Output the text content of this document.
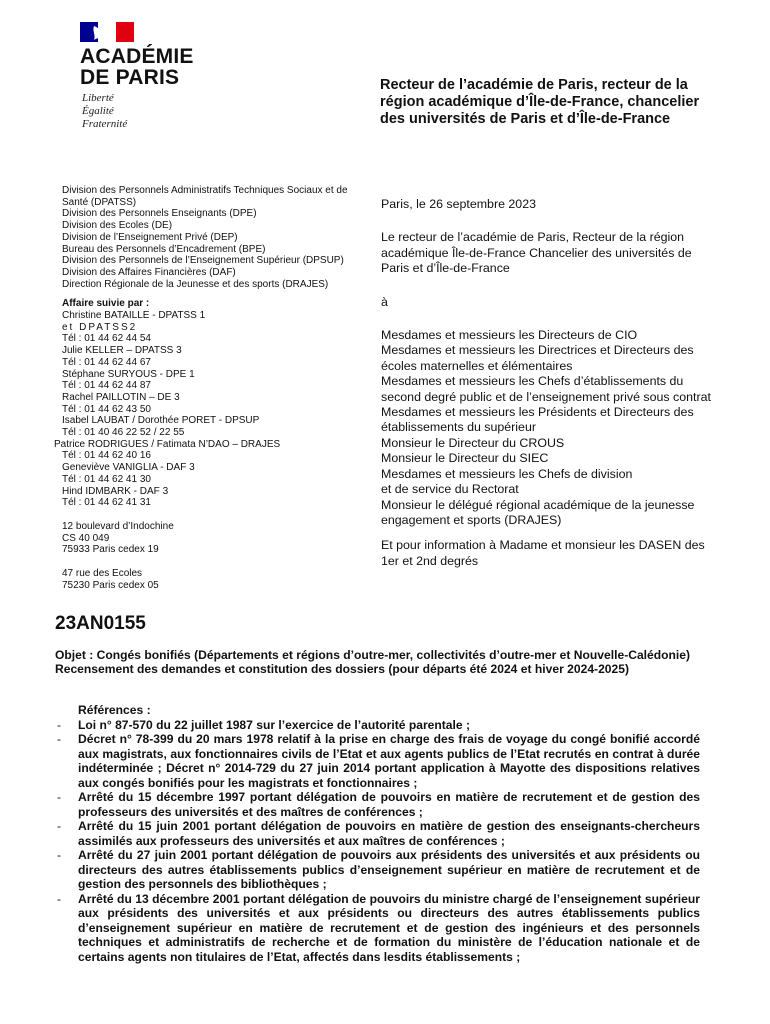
ACADÉMIE
DE PARIS
Liberté
Égalité
Fraternité
Recteur de l’académie de Paris, recteur de la région académique d’Île-de-France, chancelier des universités de Paris et d’Île-de-France
Division des Personnels Administratifs Techniques Sociaux et de
Santé (DPATSS)
Division des Personnels Enseignants (DPE)
Division des Ecoles (DE)
Division de l’Enseignement Privé (DEP)
Bureau des Personnels d’Encadrement (BPE)
Division des Personnels de l’Enseignement Supérieur (DPSUP)
Division des Affaires Financières (DAF)
Direction Régionale de la Jeunesse et des sports (DRAJES)
Affaire suivie par :
Christine BATAILLE - DPATSS 1
et DPATSS2
Tél : 01 44 62 44 54
Julie KELLER – DPATSS 3
Tél : 01 44 62 44 67
Stéphane SURYOUS - DPE 1
Tél : 01 44 62 44 87
Rachel PAILLOTIN – DE 3
Tél : 01 44 62 43 50
Isabel LAUBAT / Dorothée PORET - DPSUP
Tél : 01 40 46 22 52 / 22 55
Patrice RODRIGUES / Fatimata N’DAO – DRAJES
Tél : 01 44 62 40 16
Geneviève VANIGLIA - DAF 3
Tél : 01 44 62 41 30
Hind IDMBARK - DAF 3
Tél : 01 44 62 41 31
12 boulevard d’Indochine
CS 40 049
75933 Paris cedex 19
47 rue des Ecoles
75230 Paris cedex 05
Paris, le 26 septembre 2023
Le recteur de l’académie de Paris, Recteur de la région académique Île-de-France Chancelier des universités de Paris et d’Île-de-France
à
Mesdames et messieurs les Directeurs de CIO
Mesdames et messieurs les Directrices et Directeurs des écoles maternelles et élémentaires
Mesdames et messieurs les Chefs d’établissements du second degré public et de l’enseignement privé sous contrat
Mesdames et messieurs les Présidents et Directeurs des établissements du supérieur
Monsieur le Directeur du CROUS
Monsieur le Directeur du SIEC
Mesdames et messieurs les Chefs de division
et de service du Rectorat
Monsieur le délégué régional académique de la jeunesse engagement et sports (DRAJES)
Et pour information à Madame et monsieur les DASEN des 1er et 2nd degrés
23AN0155
Objet : Congés bonifiés (Départements et régions d’outre-mer, collectivités d’outre-mer et Nouvelle-Calédonie)
Recensement des demandes et constitution des dossiers (pour départs été 2024 et hiver 2024-2025)
Références :
- Loi n° 87-570 du 22 juillet 1987 sur l’exercice de l’autorité parentale ;
- Décret n° 78-399 du 20 mars 1978 relatif à la prise en charge des frais de voyage du congé bonifié accordé aux magistrats, aux fonctionnaires civils de l’Etat et aux agents publics de l’Etat recrutés en contrat à durée indéterminée ; Décret n° 2014-729 du 27 juin 2014 portant application à Mayotte des dispositions relatives aux congés bonifiés pour les magistrats et fonctionnaires ;
- Arrêté du 15 décembre 1997 portant délégation de pouvoirs en matière de recrutement et de gestion des professeurs des universités et des maîtres de conférences ;
- Arrêté du 15 juin 2001 portant délégation de pouvoirs en matière de gestion des enseignants-chercheurs assimilés aux professeurs des universités et aux maîtres de conférences ;
- Arrêté du 27 juin 2001 portant délégation de pouvoirs aux présidents des universités et aux présidents ou directeurs des autres établissements publics d’enseignement supérieur en matière de recrutement et de gestion des personnels des bibliothèques ;
- Arrêté du 13 décembre 2001 portant délégation de pouvoirs du ministre chargé de l’enseignement supérieur aux présidents des universités et aux présidents ou directeurs des autres établissements publics d’enseignement supérieur en matière de recrutement et de gestion des ingénieurs et des personnels techniques et administratifs de recherche et de formation du ministère de l’éducation nationale et de certains agents non titulaires de l’Etat, affectés dans lesdits établissements ;
